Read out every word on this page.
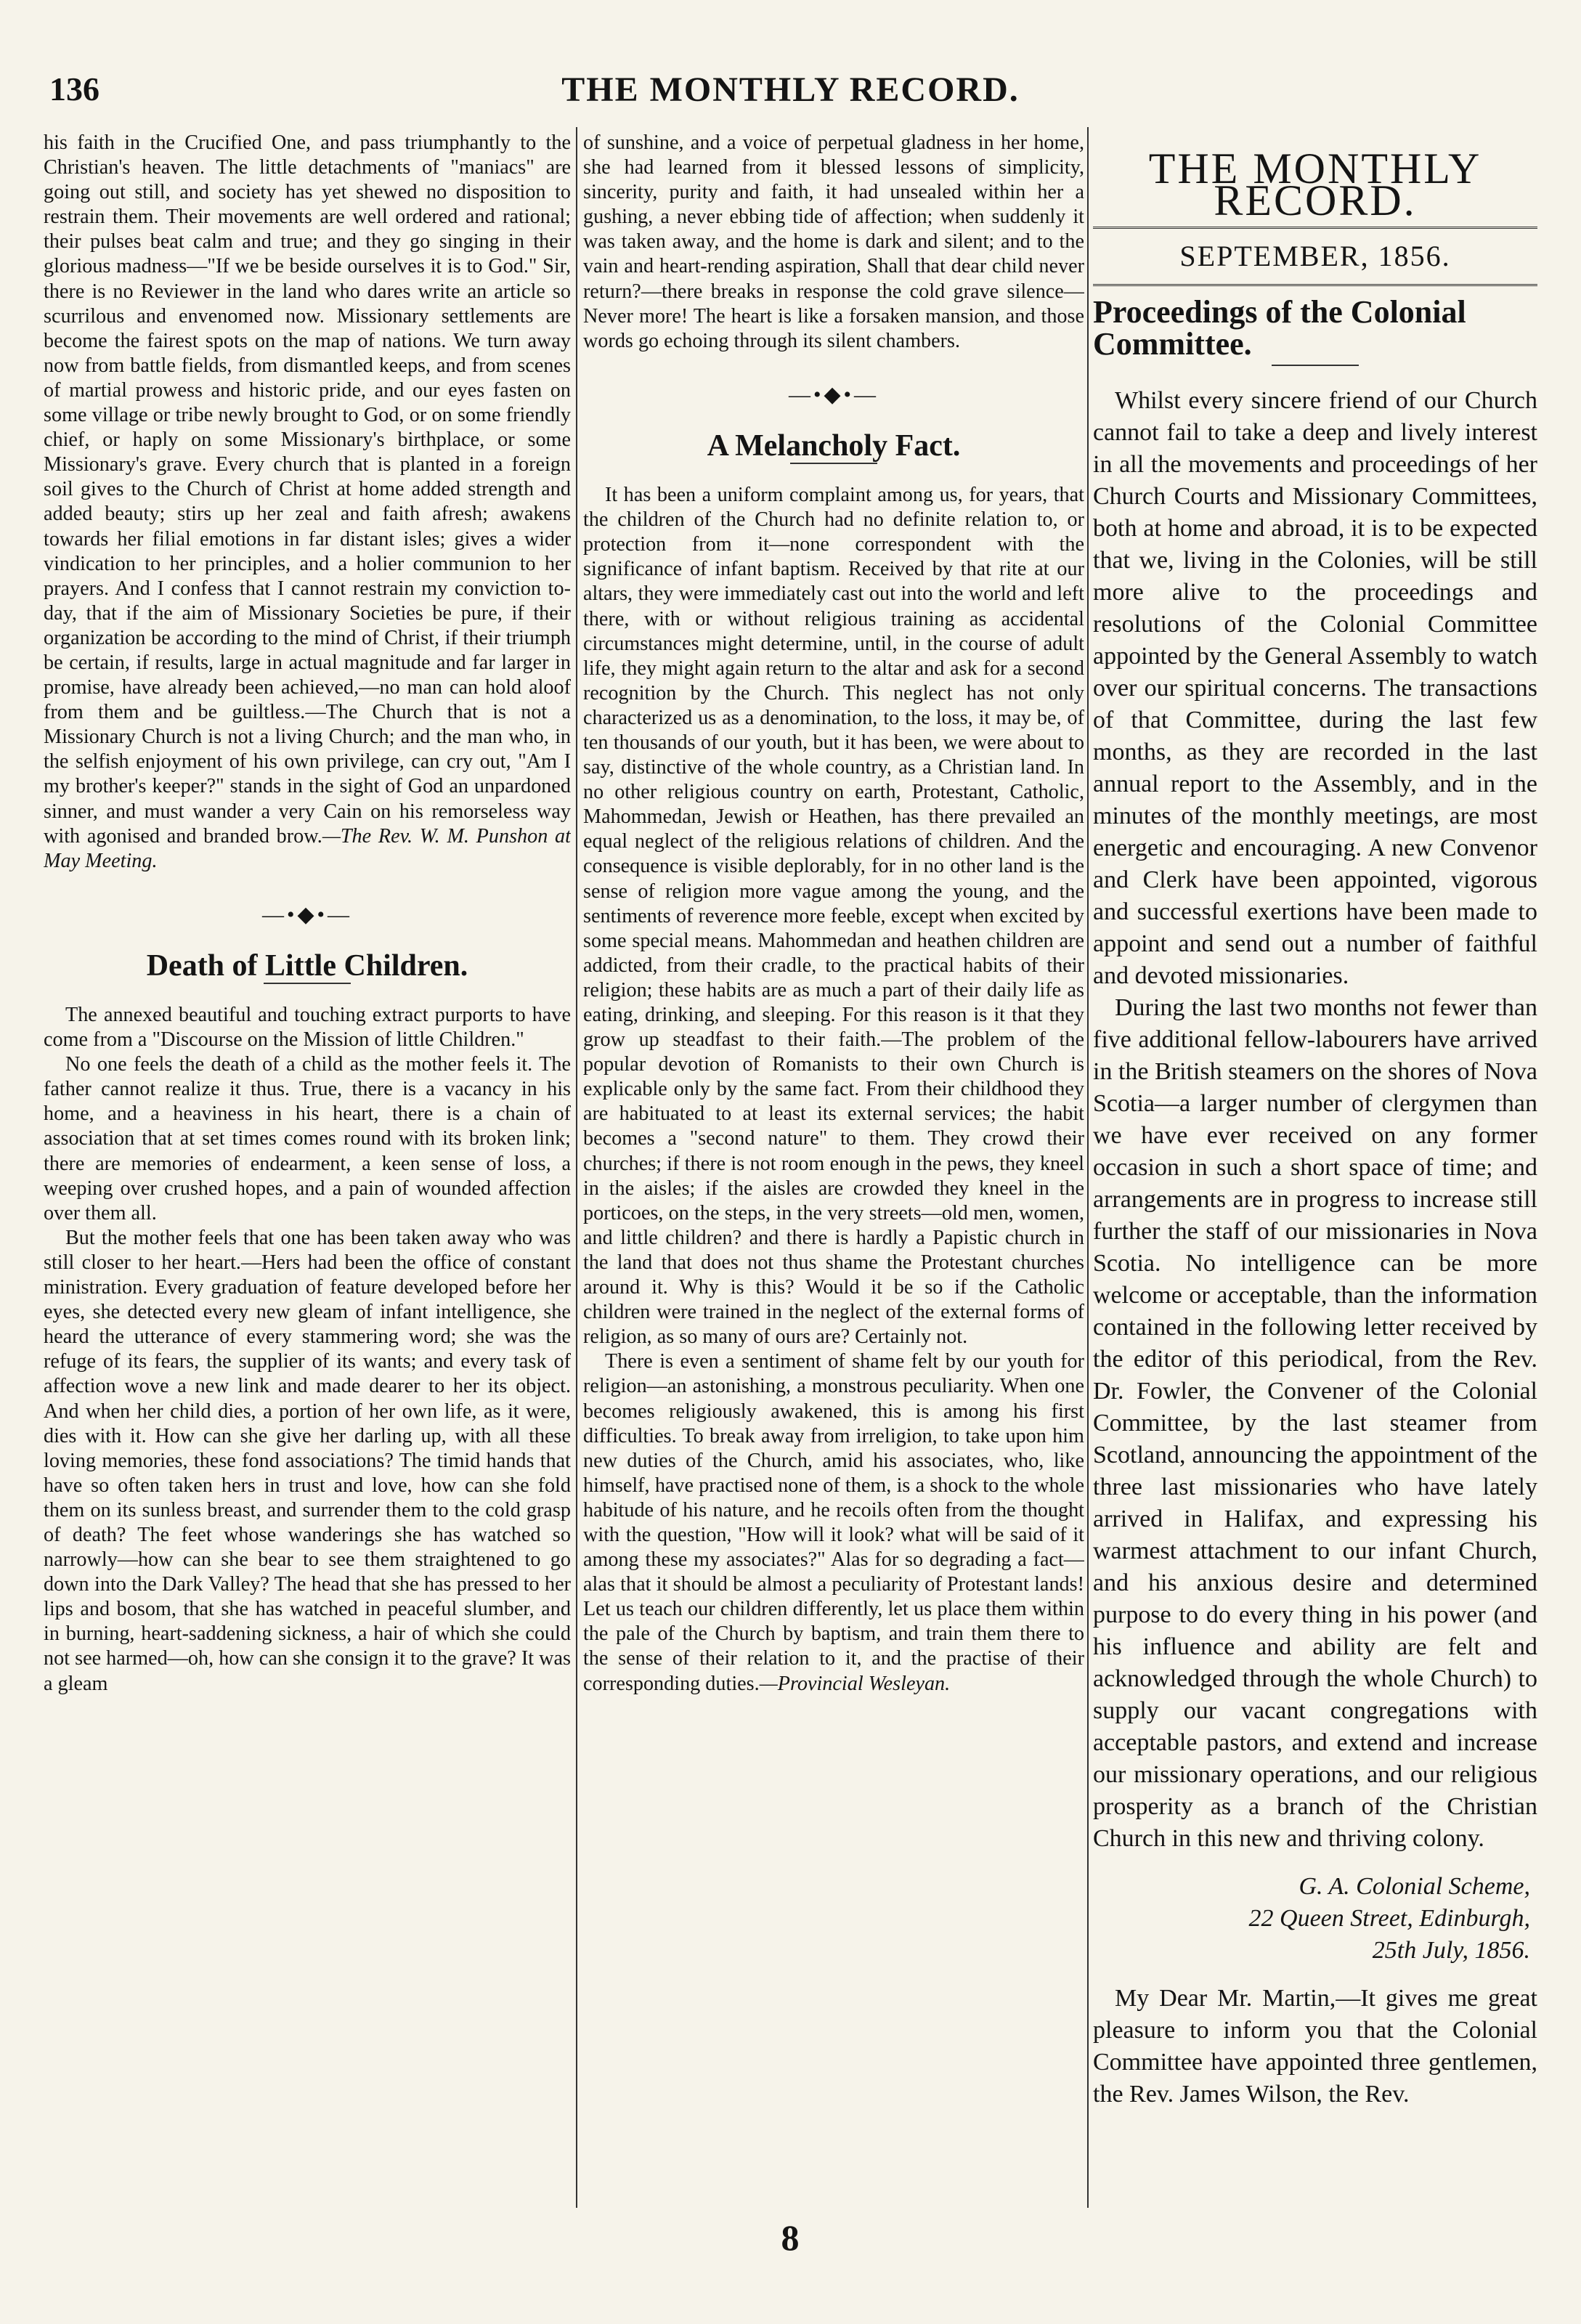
136	THE MONTHLY RECORD.

his faith in the Crucified One, and pass triumphantly to the Christian's heaven. The little detachments of "maniacs" are going out still, and society has yet shewed no disposition to restrain them. Their movements are well ordered and rational; their pulses beat calm and true; and they go singing in their glorious madness—"If we be beside ourselves it is to God." Sir, there is no Reviewer in the land who dares write an article so scurrilous and envenomed now. Missionary settlements are become the fairest spots on the map of nations. We turn away now from battle fields, from dismantled keeps, and from scenes of martial prowess and historic pride, and our eyes fasten on some village or tribe newly brought to God, or on some friendly chief, or haply on some Missionary's birthplace, or some Missionary's grave. Every church that is planted in a foreign soil gives to the Church of Christ at home added strength and added beauty; stirs up her zeal and faith afresh; awakens towards her filial emotions in far distant isles; gives a wider vindication to her principles, and a holier communion to her prayers. And I confess that I cannot restrain my conviction to-day, that if the aim of Missionary Societies be pure, if their organization be according to the mind of Christ, if their triumph be certain, if results, large in actual magnitude and far larger in promise, have already been achieved,—no man can hold aloof from them and be guiltless.—The Church that is not a Missionary Church is not a living Church; and the man who, in the selfish enjoyment of his own privilege, can cry out, "Am I my brother's keeper?" stands in the sight of God an unpardoned sinner, and must wander a very Cain on his remorseless way with agonised and branded brow.—The Rev. W. M. Punshon at May Meeting.

—•◆•—
Death of Little Children.

The annexed beautiful and touching extract purports to have come from a "Discourse on the Mission of little Children."

No one feels the death of a child as the mother feels it. The father cannot realize it thus. True, there is a vacancy in his home, and a heaviness in his heart, there is a chain of association that at set times comes round with its broken link; there are memories of endearment, a keen sense of loss, a weeping over crushed hopes, and a pain of wounded affection over them all.

But the mother feels that one has been taken away who was still closer to her heart.—Hers had been the office of constant ministration. Every graduation of feature developed before her eyes, she detected every new gleam of infant intelligence, she heard the utterance of every stammering word; she was the refuge of its fears, the supplier of its wants; and every task of affection wove a new link and made dearer to her its object. And when her child dies, a portion of her own life, as it were, dies with it. How can she give her darling up, with all these loving memories, these fond associations? The timid hands that have so often taken hers in trust and love, how can she fold them on its sunless breast, and surrender them to the cold grasp of death? The feet whose wanderings she has watched so narrowly—how can she bear to see them straightened to go down into the Dark Valley? The head that she has pressed to her lips and bosom, that she has watched in peaceful slumber, and in burning, heart-saddening sickness, a hair of which she could not see harmed—oh, how can she consign it to the grave? It was a gleam

of sunshine, and a voice of perpetual gladness in her home, she had learned from it blessed lessons of simplicity, sincerity, purity and faith, it had unsealed within her a gushing, a never ebbing tide of affection; when suddenly it was taken away, and the home is dark and silent; and to the vain and heart-rending aspiration, Shall that dear child never return?—there breaks in response the cold grave silence—Never more! The heart is like a forsaken mansion, and those words go echoing through its silent chambers.

—•◆•—
A Melancholy Fact.

It has been a uniform complaint among us, for years, that the children of the Church had no definite relation to, or protection from it—none correspondent with the significance of infant baptism. Received by that rite at our altars, they were immediately cast out into the world and left there, with or without religious training as accidental circumstances might determine, until, in the course of adult life, they might again return to the altar and ask for a second recognition by the Church. This neglect has not only characterized us as a denomination, to the loss, it may be, of ten thousands of our youth, but it has been, we were about to say, distinctive of the whole country, as a Christian land. In no other religious country on earth, Protestant, Catholic, Mahommedan, Jewish or Heathen, has there prevailed an equal neglect of the religious relations of children. And the consequence is visible deplorably, for in no other land is the sense of religion more vague among the young, and the sentiments of reverence more feeble, except when excited by some special means. Mahommedan and heathen children are addicted, from their cradle, to the practical habits of their religion; these habits are as much a part of their daily life as eating, drinking, and sleeping. For this reason is it that they grow up steadfast to their faith.—The problem of the popular devotion of Romanists to their own Church is explicable only by the same fact. From their childhood they are habituated to at least its external services; the habit becomes a "second nature" to them. They crowd their churches; if there is not room enough in the pews, they kneel in the aisles; if the aisles are crowded they kneel in the porticoes, on the steps, in the very streets—old men, women, and little children? and there is hardly a Papistic church in the land that does not thus shame the Protestant churches around it. Why is this? Would it be so if the Catholic children were trained in the neglect of the external forms of religion, as so many of ours are? Certainly not.

There is even a sentiment of shame felt by our youth for religion—an astonishing, a monstrous peculiarity. When one becomes religiously awakened, this is among his first difficulties. To break away from irreligion, to take upon him new duties of the Church, amid his associates, who, like himself, have practised none of them, is a shock to the whole habitude of his nature, and he recoils often from the thought with the question, "How will it look? what will be said of it among these my associates?" Alas for so degrading a fact—alas that it should be almost a peculiarity of Protestant lands! Let us teach our children differently, let us place them within the pale of the Church by baptism, and train them there to the sense of their relation to it, and the practise of their corresponding duties.—Provincial Wesleyan.

THE MONTHLY RECORD.
SEPTEMBER, 1856.
Proceedings of the Colonial Committee.

Whilst every sincere friend of our Church cannot fail to take a deep and lively interest in all the movements and proceedings of her Church Courts and Missionary Committees, both at home and abroad, it is to be expected that we, living in the Colonies, will be still more alive to the proceedings and resolutions of the Colonial Committee appointed by the General Assembly to watch over our spiritual concerns. The transactions of that Committee, during the last few months, as they are recorded in the last annual report to the Assembly, and in the minutes of the monthly meetings, are most energetic and encouraging. A new Convenor and Clerk have been appointed, vigorous and successful exertions have been made to appoint and send out a number of faithful and devoted missionaries.

During the last two months not fewer than five additional fellow-labourers have arrived in the British steamers on the shores of Nova Scotia—a larger number of clergymen than we have ever received on any former occasion in such a short space of time; and arrangements are in progress to increase still further the staff of our missionaries in Nova Scotia. No intelligence can be more welcome or acceptable, than the information contained in the following letter received by the editor of this periodical, from the Rev. Dr. Fowler, the Convener of the Colonial Committee, by the last steamer from Scotland, announcing the appointment of the three last missionaries who have lately arrived in Halifax, and expressing his warmest attachment to our infant Church, and his anxious desire and determined purpose to do every thing in his power (and his influence and ability are felt and acknowledged through the whole Church) to supply our vacant congregations with acceptable pastors, and extend and increase our missionary operations, and our religious prosperity as a branch of the Christian Church in this new and thriving colony.

G. A. Colonial Scheme,
22 Queen Street, Edinburgh,
25th July, 1856.

My Dear Mr. Martin,—It gives me great pleasure to inform you that the Colonial Committee have appointed three gentlemen, the Rev. James Wilson, the Rev.

8
